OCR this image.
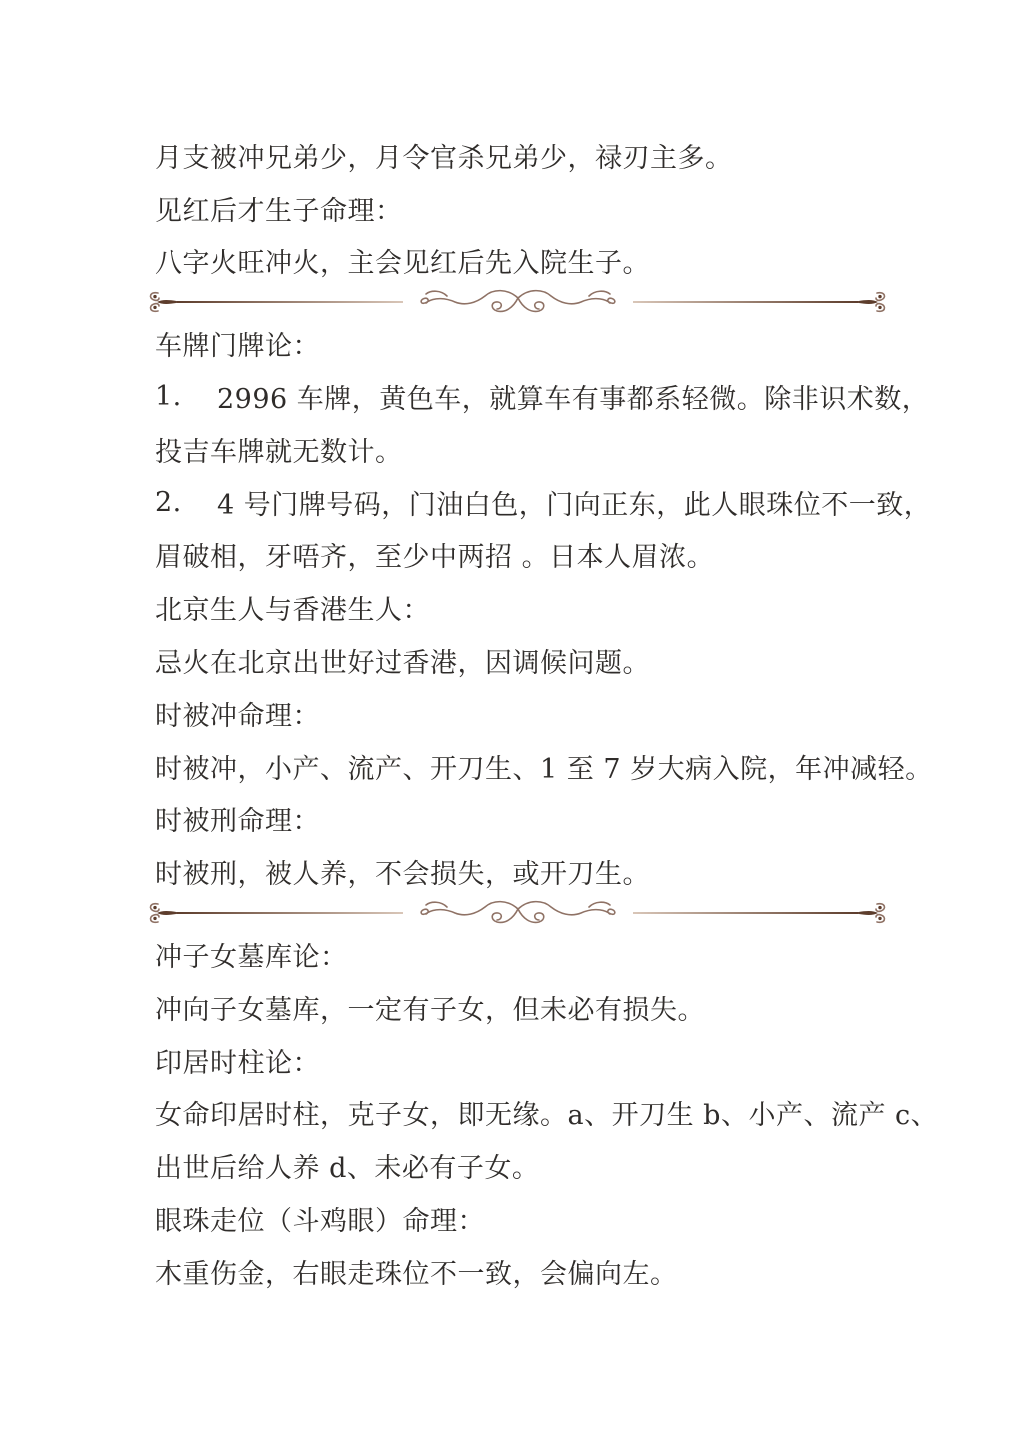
月支被冲兄弟少，月令官杀兄弟少，禄刃主多。
见红后才生子命理：
八字火旺冲火，主会见红后先入院生子。
车牌门牌论：
1.	2996 车牌，黄色车，就算车有事都系轻微。除非识术数，
投吉车牌就无数计。
2.	4 号门牌号码，门油白色，门向正东，此人眼珠位不一致，
眉破相，牙唔齐，至少中两招 。日本人眉浓。
北京生人与香港生人：
忌火在北京出世好过香港，因调候问题。
时被冲命理：
时被冲，小产、流产、开刀生、1 至 7 岁大病入院，年冲减轻。
时被刑命理：
时被刑，被人养，不会损失，或开刀生。
冲子女墓库论：
冲向子女墓库，一定有子女，但未必有损失。
印居时柱论：
女命印居时柱，克子女，即无缘。a、开刀生 b、小产、流产 c、
出世后给人养 d、未必有子女。
眼珠走位（斗鸡眼）命理：
木重伤金，右眼走珠位不一致，会偏向左。
